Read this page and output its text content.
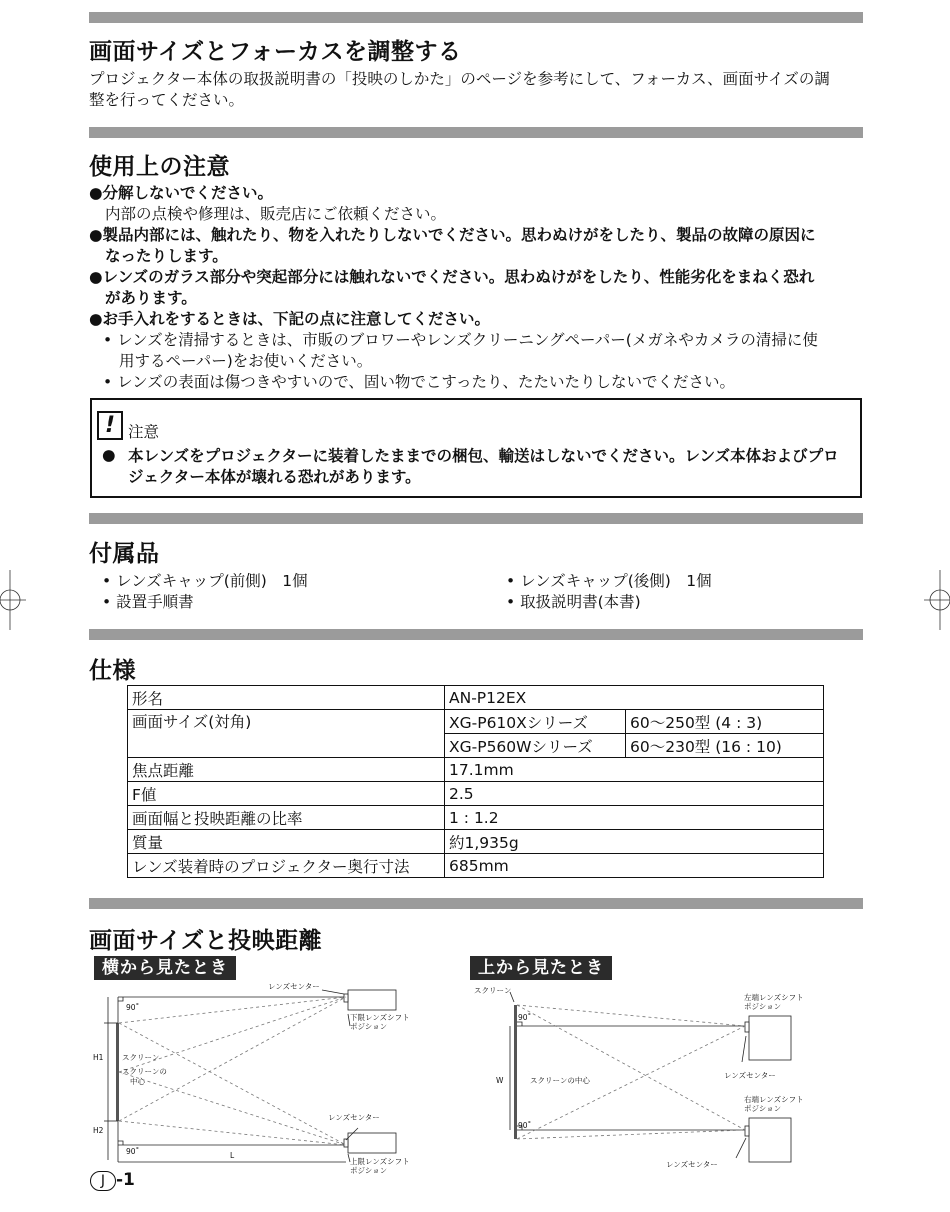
画面サイズとフォーカスを調整する
プロジェクター本体の取扱説明書の「投映のしかた」のページを参考にして、フォーカス、画面サイズの調
整を行ってください。
使用上の注意
●分解しないでください。
内部の点検や修理は、販売店にご依頼ください。
●製品内部には、触れたり、物を入れたりしないでください。思わぬけがをしたり、製品の故障の原因に
なったりします。
●レンズのガラス部分や突起部分には触れないでください。思わぬけがをしたり、性能劣化をまねく恐れ
があります。
●お手入れをするときは、下記の点に注意してください。
• レンズを清掃するときは、市販のブロワーやレンズクリーニングペーパー(メガネやカメラの清掃に使
用するペーパー)をお使いください。
• レンズの表面は傷つきやすいので、固い物でこすったり、たたいたりしないでください。
! 注意
● 本レンズをプロジェクターに装着したままでの梱包、輸送はしないでください。レンズ本体およびプロ
ジェクター本体が壊れる恐れがあります。
付属品
• レンズキャップ(前側)　1個
• 設置手順書
• レンズキャップ(後側)　1個
• 取扱説明書(本書)
仕様
形名	AN-P12EX	
画面サイズ(対角)	XG-P610Xシリーズ	60～250型 (4 : 3)
	XG-P560Wシリーズ	60～230型 (16 : 10)
焦点距離	17.1mm	
F値	2.5	
画面幅と投映距離の比率	1 : 1.2	
質量	約1,935g	
レンズ装着時のプロジェクター奥行寸法	685mm	
画面サイズと投映距離
横から見たとき	上から見たとき
レンズセンター
下限レンズシフト
ポジション
90˚
H1
H2
スクリーン
スクリーンの
中心
レンズセンター
90˚	L
上限レンズシフト
ポジション
スクリーン
90˚
左端レンズシフト
ポジション
W	スクリーンの中心
レンズセンター
右端レンズシフト
ポジション
90˚
レンズセンター
J -1
